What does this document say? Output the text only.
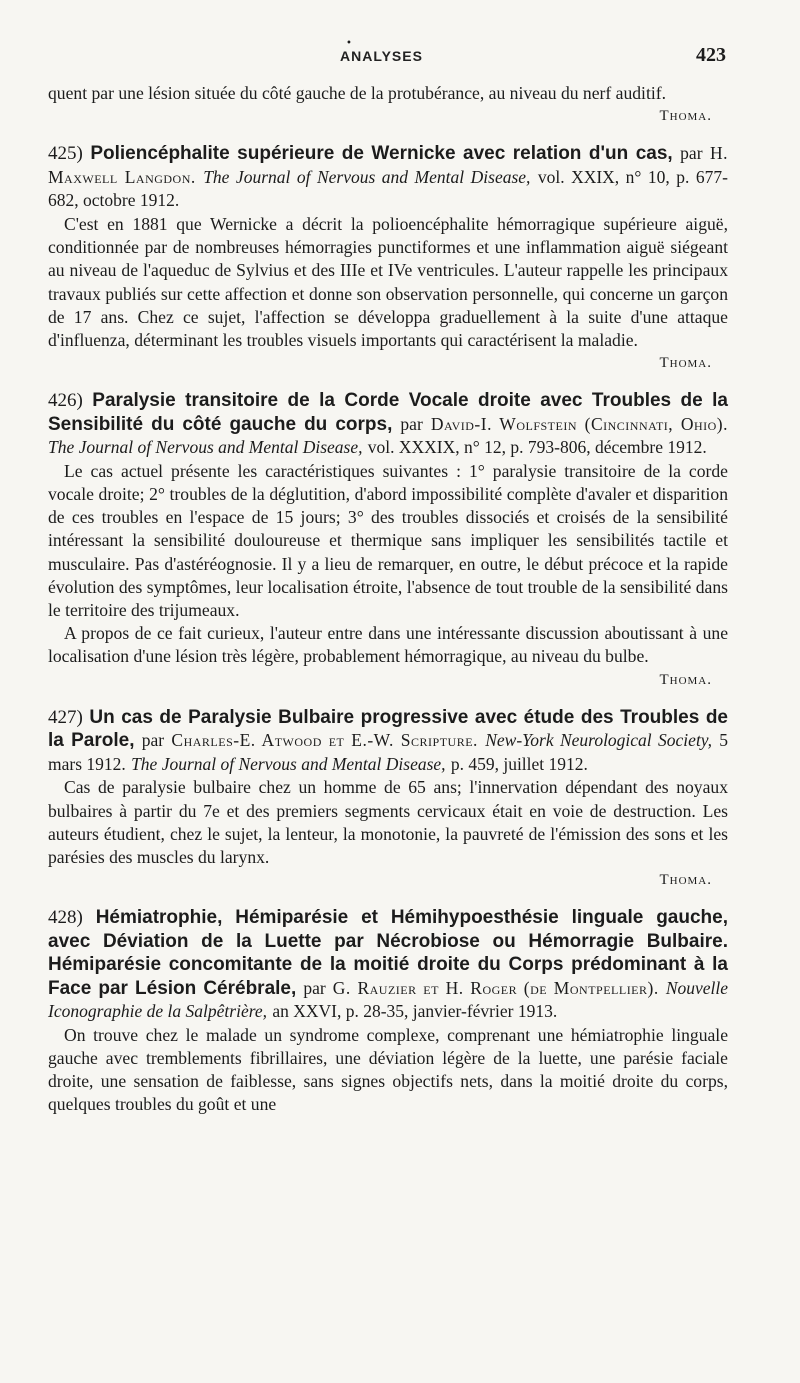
•
ANALYSES	423

quent par une lésion située du côté gauche de la protubérance, au niveau du nerf auditif.

Thoma.

425) Poliencéphalite supérieure de Wernicke avec relation d'un cas, par H. Maxwell Langdon. The Journal of Nervous and Mental Disease, vol. XXIX, n° 10, p. 677-682, octobre 1912.

C'est en 1881 que Wernicke a décrit la polioencéphalite hémorragique supérieure aiguë, conditionnée par de nombreuses hémorragies punctiformes et une inflammation aiguë siégeant au niveau de l'aqueduc de Sylvius et des IIIe et IVe ventricules. L'auteur rappelle les principaux travaux publiés sur cette affection et donne son observation personnelle, qui concerne un garçon de 17 ans. Chez ce sujet, l'affection se développa graduellement à la suite d'une attaque d'influenza, déterminant les troubles visuels importants qui caractérisent la maladie.

Thoma.

426) Paralysie transitoire de la Corde Vocale droite avec Troubles de la Sensibilité du côté gauche du corps, par David-I. Wolfstein (Cincinnati, Ohio). The Journal of Nervous and Mental Disease, vol. XXXIX, n° 12, p. 793-806, décembre 1912.

Le cas actuel présente les caractéristiques suivantes : 1° paralysie transitoire de la corde vocale droite; 2° troubles de la déglutition, d'abord impossibilité complète d'avaler et disparition de ces troubles en l'espace de 15 jours; 3° des troubles dissociés et croisés de la sensibilité intéressant la sensibilité douloureuse et thermique sans impliquer les sensibilités tactile et musculaire. Pas d'astéréognosie. Il y a lieu de remarquer, en outre, le début précoce et la rapide évolution des symptômes, leur localisation étroite, l'absence de tout trouble de la sensibilité dans le territoire des trijumeaux.

A propos de ce fait curieux, l'auteur entre dans une intéressante discussion aboutissant à une localisation d'une lésion très légère, probablement hémorragique, au niveau du bulbe.

Thoma.

427) Un cas de Paralysie Bulbaire progressive avec étude des Troubles de la Parole, par Charles-E. Atwood et E.-W. Scripture. New-York Neurological Society, 5 mars 1912. The Journal of Nervous and Mental Disease, p. 459, juillet 1912.

Cas de paralysie bulbaire chez un homme de 65 ans; l'innervation dépendant des noyaux bulbaires à partir du 7e et des premiers segments cervicaux était en voie de destruction. Les auteurs étudient, chez le sujet, la lenteur, la monotonie, la pauvreté de l'émission des sons et les parésies des muscles du larynx.

Thoma.

428) Hémiatrophie, Hémiparésie et Hémihypoesthésie linguale gauche, avec Déviation de la Luette par Nécrobiose ou Hémorragie Bulbaire. Hémiparésie concomitante de la moitié droite du Corps prédominant à la Face par Lésion Cérébrale, par G. Rauzier et H. Roger (de Montpellier). Nouvelle Iconographie de la Salpêtrière, an XXVI, p. 28-35, janvier-février 1913.

On trouve chez le malade un syndrome complexe, comprenant une hémiatrophie linguale gauche avec tremblements fibrillaires, une déviation légère de la luette, une parésie faciale droite, une sensation de faiblesse, sans signes objectifs nets, dans la moitié droite du corps, quelques troubles du goût et une
